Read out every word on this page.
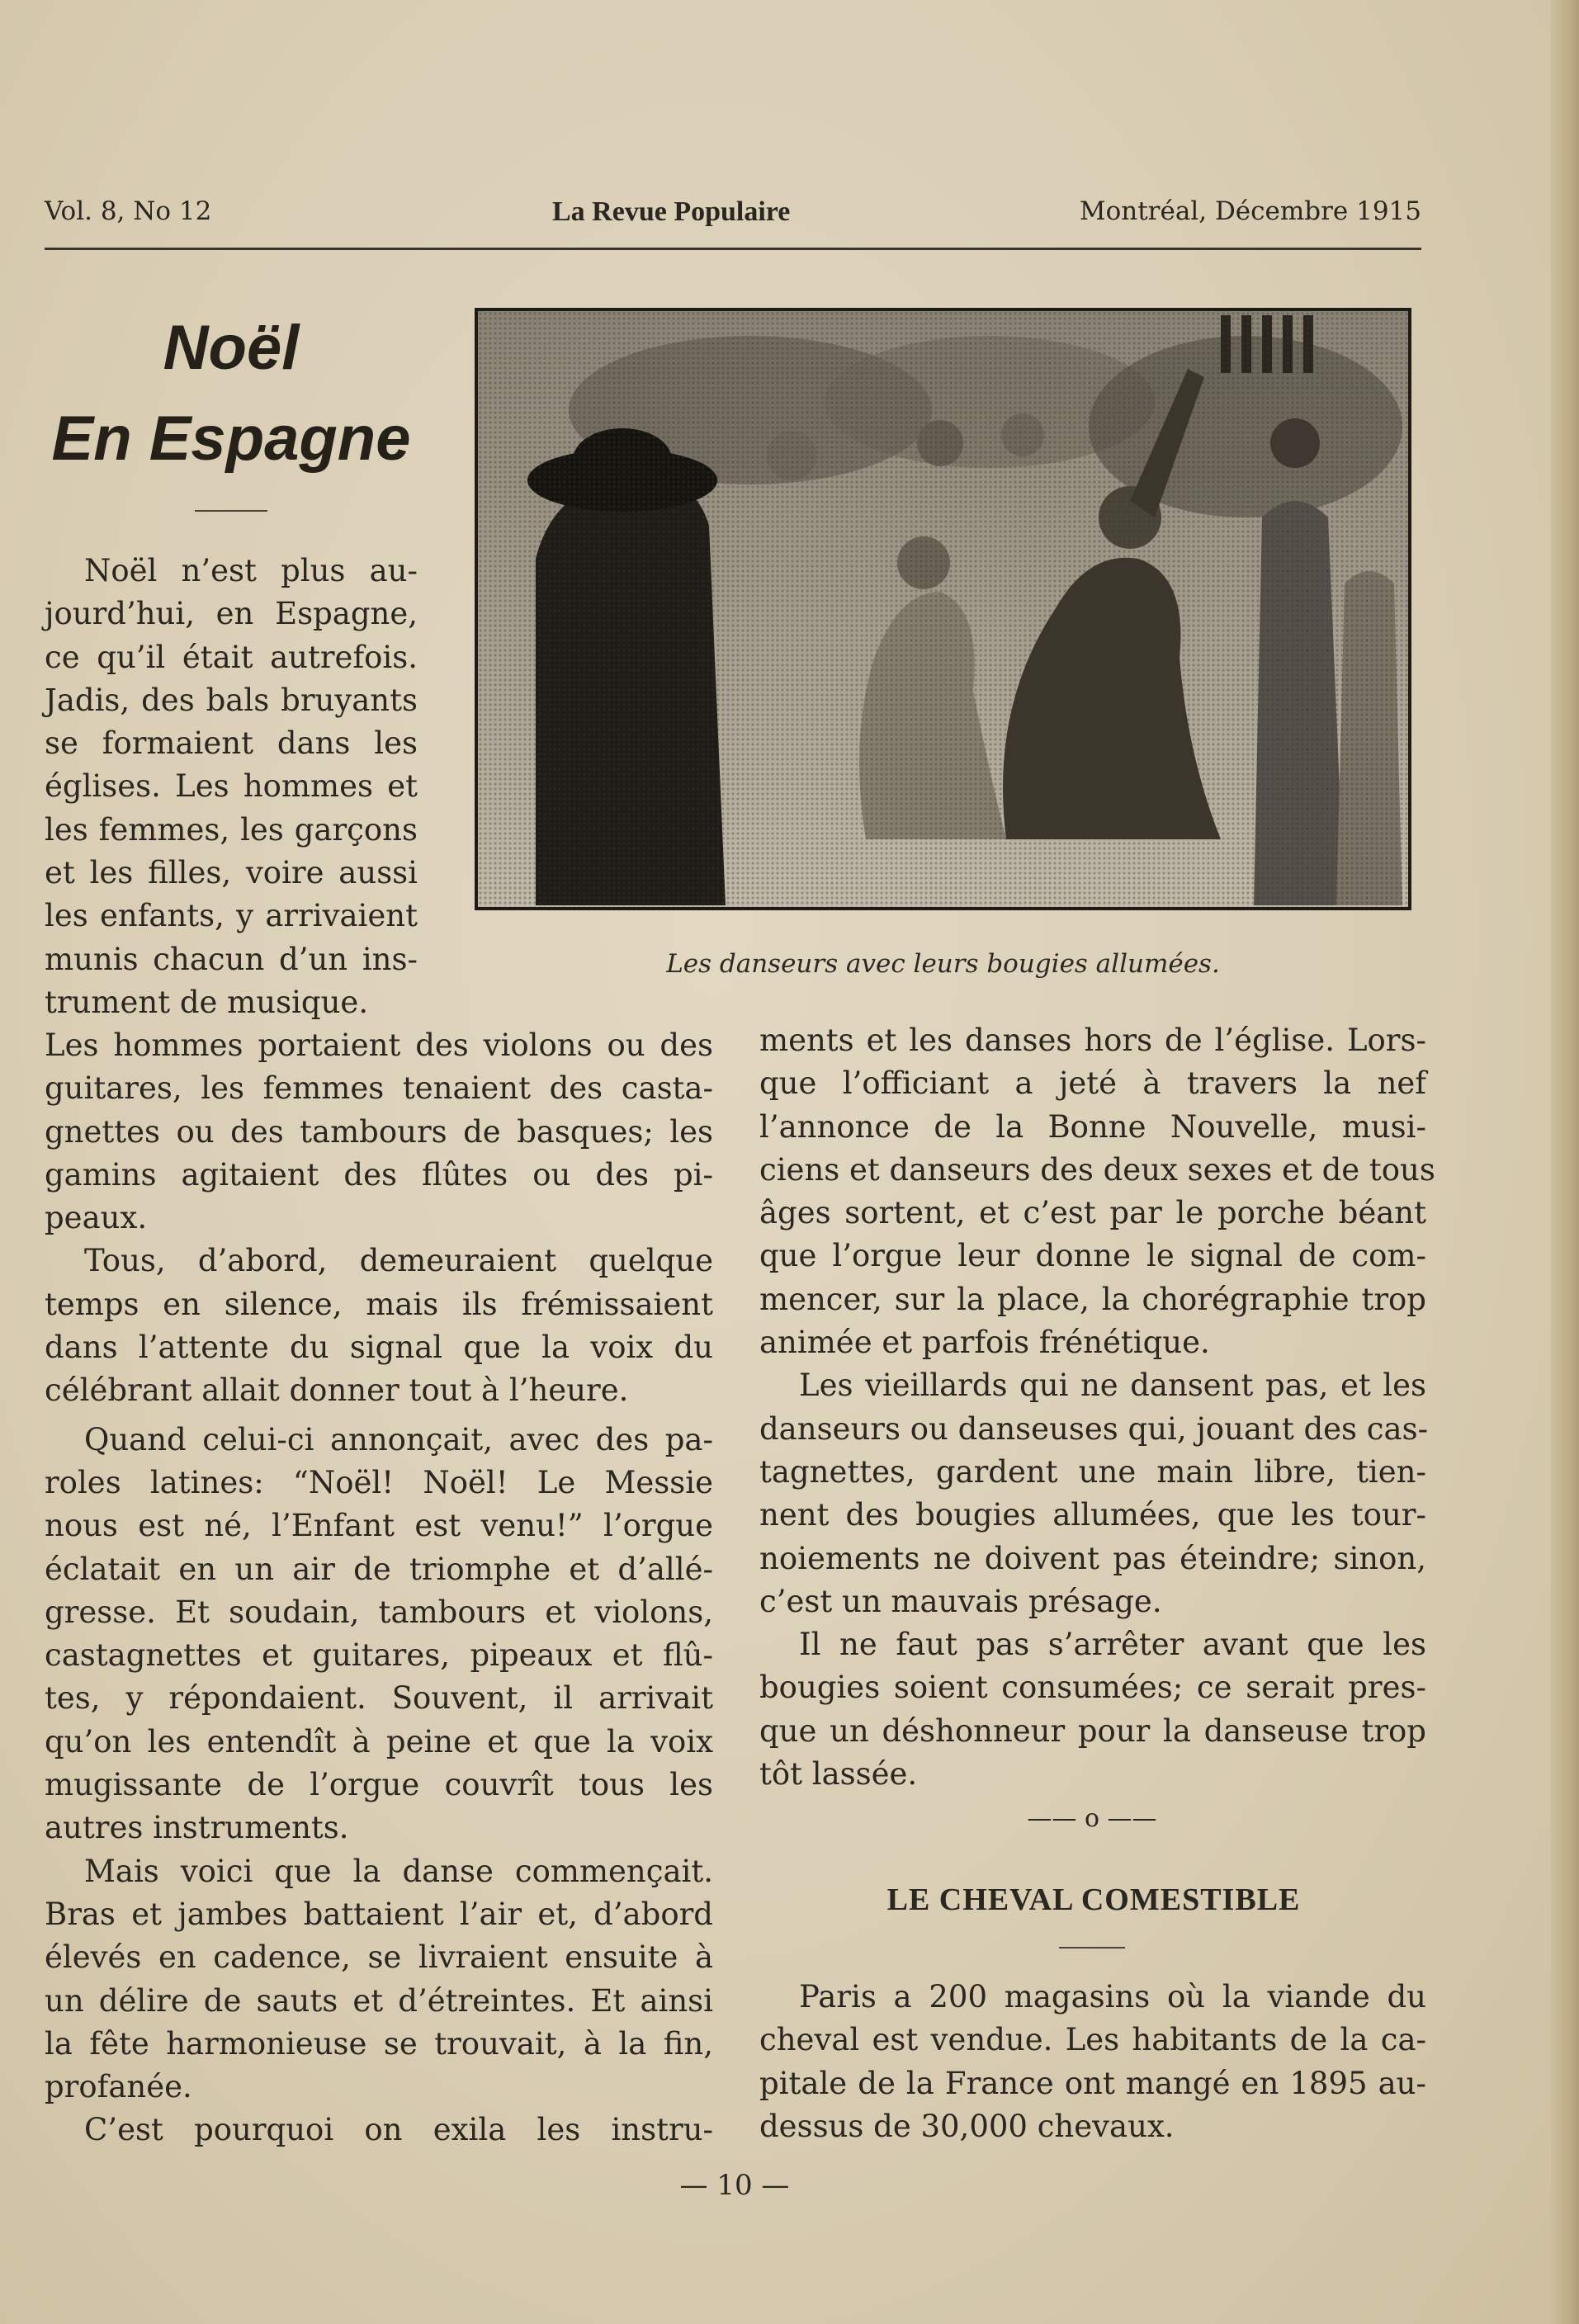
Vol. 8, No 12	La Revue Populaire	Montréal, Décembre 1915
Noël
En Espagne
Noël n’est plus au-
jourd’hui, en Espagne,
ce qu’il était autrefois.
Jadis, des bals bruyants
se formaient dans les
églises. Les hommes et
les femmes, les garçons
et les filles, voire aussi
les enfants, y arrivaient
munis chacun d’un ins-
trument de musique.
Les hommes portaient des violons ou des
guitares, les femmes tenaient des casta-
gnettes ou des tambours de basques; les
gamins agitaient des flûtes ou des pi-
peaux.
Tous, d’abord, demeuraient quelque
temps en silence, mais ils frémissaient
dans l’attente du signal que la voix du
célébrant allait donner tout à l’heure.
Quand celui-ci annonçait, avec des pa-
roles latines: “Noël! Noël! Le Messie
nous est né, l’Enfant est venu!” l’orgue
éclatait en un air de triomphe et d’allé-
gresse. Et soudain, tambours et violons,
castagnettes et guitares, pipeaux et flû-
tes, y répondaient. Souvent, il arrivait
qu’on les entendît à peine et que la voix
mugissante de l’orgue couvrît tous les
autres instruments.
Mais voici que la danse commençait.
Bras et jambes battaient l’air et, d’abord
élevés en cadence, se livraient ensuite à
un délire de sauts et d’étreintes. Et ainsi
la fête harmonieuse se trouvait, à la fin,
profanée.
C’est pourquoi on exila les instru-
ments et les danses hors de l’église. Lors-
que l’officiant a jeté à travers la nef
l’annonce de la Bonne Nouvelle, musi-
ciens et danseurs des deux sexes et de tous
âges sortent, et c’est par le porche béant
que l’orgue leur donne le signal de com-
mencer, sur la place, la chorégraphie trop
animée et parfois frénétique.
Les vieillards qui ne dansent pas, et les
danseurs ou danseuses qui, jouant des cas-
tagnettes, gardent une main libre, tien-
nent des bougies allumées, que les tour-
noiements ne doivent pas éteindre; sinon,
c’est un mauvais présage.
Il ne faut pas s’arrêter avant que les
bougies soient consumées; ce serait pres-
que un déshonneur pour la danseuse trop
tôt lassée.
Les danseurs avec leurs bougies allumées.
—— o ——
LE CHEVAL COMESTIBLE
Paris a 200 magasins où la viande du
cheval est vendue. Les habitants de la ca-
pitale de la France ont mangé en 1895 au-
dessus de 30,000 chevaux.
— 10 —
